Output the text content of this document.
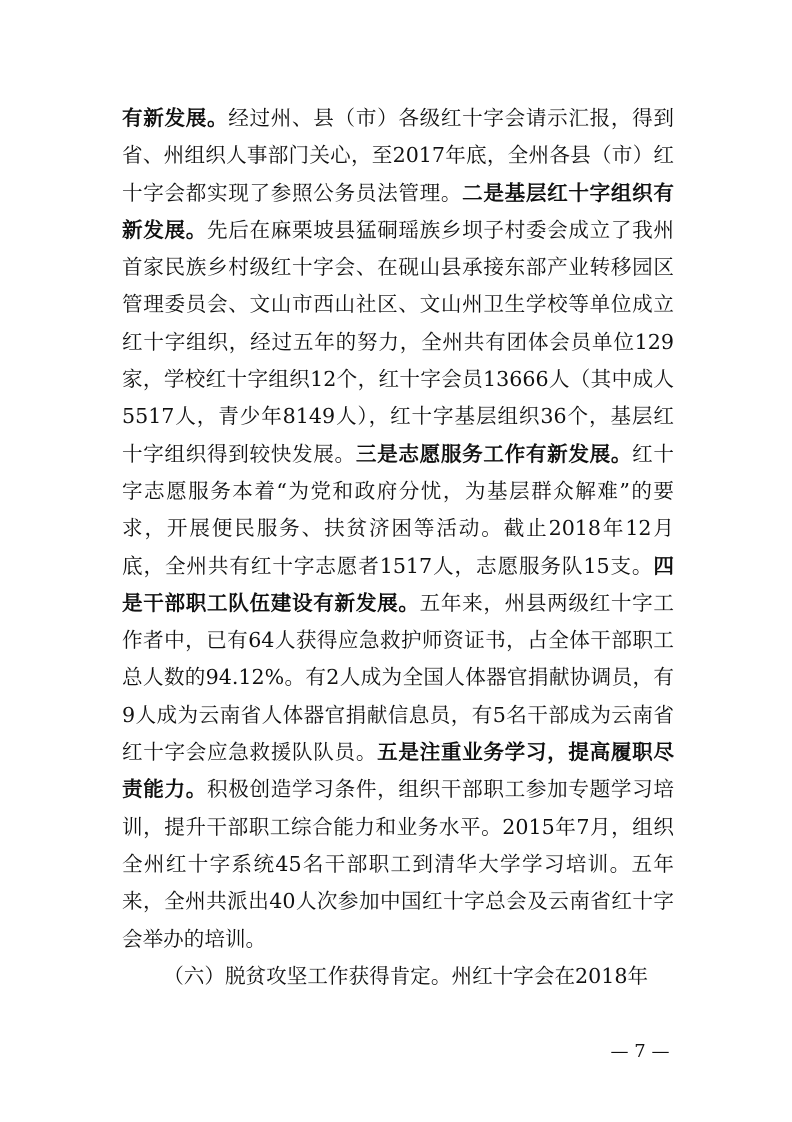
有新发展。经过州、县（市）各级红十字会请示汇报，得到省、州组织人事部门关心，至2017年底，全州各县（市）红十字会都实现了参照公务员法管理。二是基层红十字组织有新发展。先后在麻栗坡县猛硐瑶族乡坝子村委会成立了我州首家民族乡村级红十字会、在砚山县承接东部产业转移园区管理委员会、文山市西山社区、文山州卫生学校等单位成立红十字组织，经过五年的努力，全州共有团体会员单位129家，学校红十字组织12个，红十字会员13666人（其中成人5517人，青少年8149人），红十字基层组织36个，基层红十字组织得到较快发展。三是志愿服务工作有新发展。红十字志愿服务本着“为党和政府分忧，为基层群众解难”的要求，开展便民服务、扶贫济困等活动。截止2018年12月底，全州共有红十字志愿者1517人，志愿服务队15支。四是干部职工队伍建设有新发展。五年来，州县两级红十字工作者中，已有64人获得应急救护师资证书，占全体干部职工总人数的94.12%。有2人成为全国人体器官捐献协调员，有9人成为云南省人体器官捐献信息员，有5名干部成为云南省红十字会应急救援队队员。五是注重业务学习，提高履职尽责能力。积极创造学习条件，组织干部职工参加专题学习培训，提升干部职工综合能力和业务水平。2015年7月，组织全州红十字系统45名干部职工到清华大学学习培训。五年来，全州共派出40人次参加中国红十字总会及云南省红十字会举办的培训。

（六）脱贫攻坚工作获得肯定。州红十字会在2018年

— 7 —
